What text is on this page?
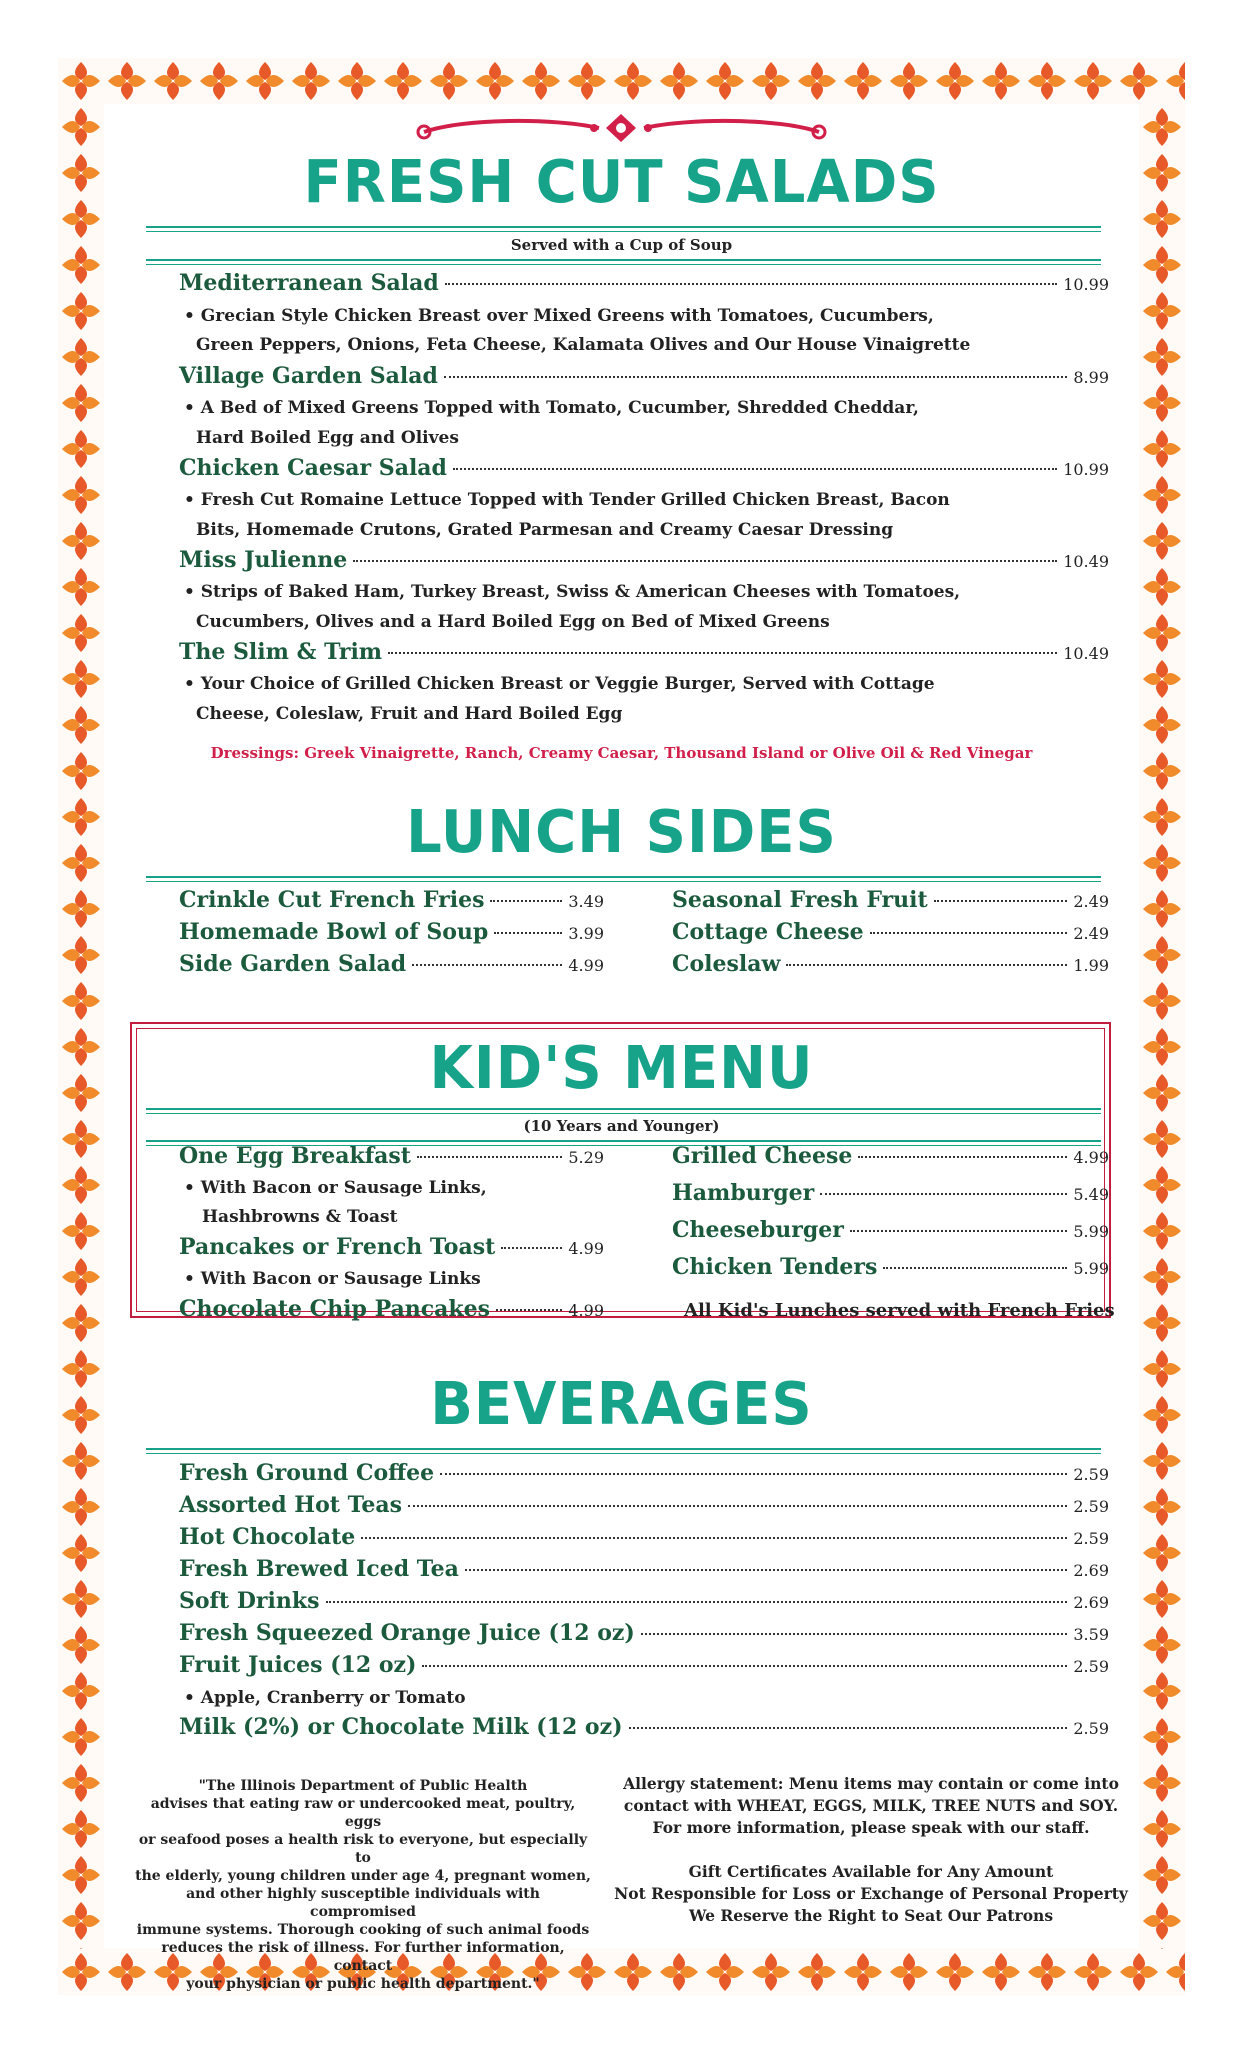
FRESH CUT SALADS
Served with a Cup of Soup
Mediterranean Salad	10.99
• Grecian Style Chicken Breast over Mixed Greens with Tomatoes, Cucumbers,
Green Peppers, Onions, Feta Cheese, Kalamata Olives and Our House Vinaigrette
Village Garden Salad	8.99
• A Bed of Mixed Greens Topped with Tomato, Cucumber, Shredded Cheddar,
Hard Boiled Egg and Olives
Chicken Caesar Salad	10.99
• Fresh Cut Romaine Lettuce Topped with Tender Grilled Chicken Breast, Bacon
Bits, Homemade Crutons, Grated Parmesan and Creamy Caesar Dressing
Miss Julienne	10.49
• Strips of Baked Ham, Turkey Breast, Swiss & American Cheeses with Tomatoes,
Cucumbers, Olives and a Hard Boiled Egg on Bed of Mixed Greens
The Slim & Trim	10.49
• Your Choice of Grilled Chicken Breast or Veggie Burger, Served with Cottage
Cheese, Coleslaw, Fruit and Hard Boiled Egg
Dressings: Greek Vinaigrette, Ranch, Creamy Caesar, Thousand Island or Olive Oil & Red Vinegar
LUNCH SIDES
Crinkle Cut French Fries	3.49
Homemade Bowl of Soup	3.99
Side Garden Salad	4.99
Seasonal Fresh Fruit	2.49
Cottage Cheese	2.49
Coleslaw	1.99
KID'S MENU
(10 Years and Younger)
One Egg Breakfast	5.29
• With Bacon or Sausage Links,
Hashbrowns & Toast
Pancakes or French Toast	4.99
• With Bacon or Sausage Links
Chocolate Chip Pancakes	4.99
Grilled Cheese	4.99
Hamburger	5.49
Cheeseburger	5.99
Chicken Tenders	5.99
All Kid's Lunches served with French Fries
BEVERAGES
Fresh Ground Coffee	2.59
Assorted Hot Teas	2.59
Hot Chocolate	2.59
Fresh Brewed Iced Tea	2.69
Soft Drinks	2.69
Fresh Squeezed Orange Juice (12 oz)	3.59
Fruit Juices (12 oz)	2.59
• Apple, Cranberry or Tomato
Milk (2%) or Chocolate Milk (12 oz)	2.59
"The Illinois Department of Public Health
advises that eating raw or undercooked meat, poultry, eggs
or seafood poses a health risk to everyone, but especially to
the elderly, young children under age 4, pregnant women,
and other highly susceptible individuals with compromised
immune systems. Thorough cooking of such animal foods
reduces the risk of illness. For further information, contact
your physician or public health department."
Allergy statement: Menu items may contain or come into
contact with WHEAT, EGGS, MILK, TREE NUTS and SOY.
For more information, please speak with our staff.
Gift Certificates Available for Any Amount
Not Responsible for Loss or Exchange of Personal Property
We Reserve the Right to Seat Our Patrons
